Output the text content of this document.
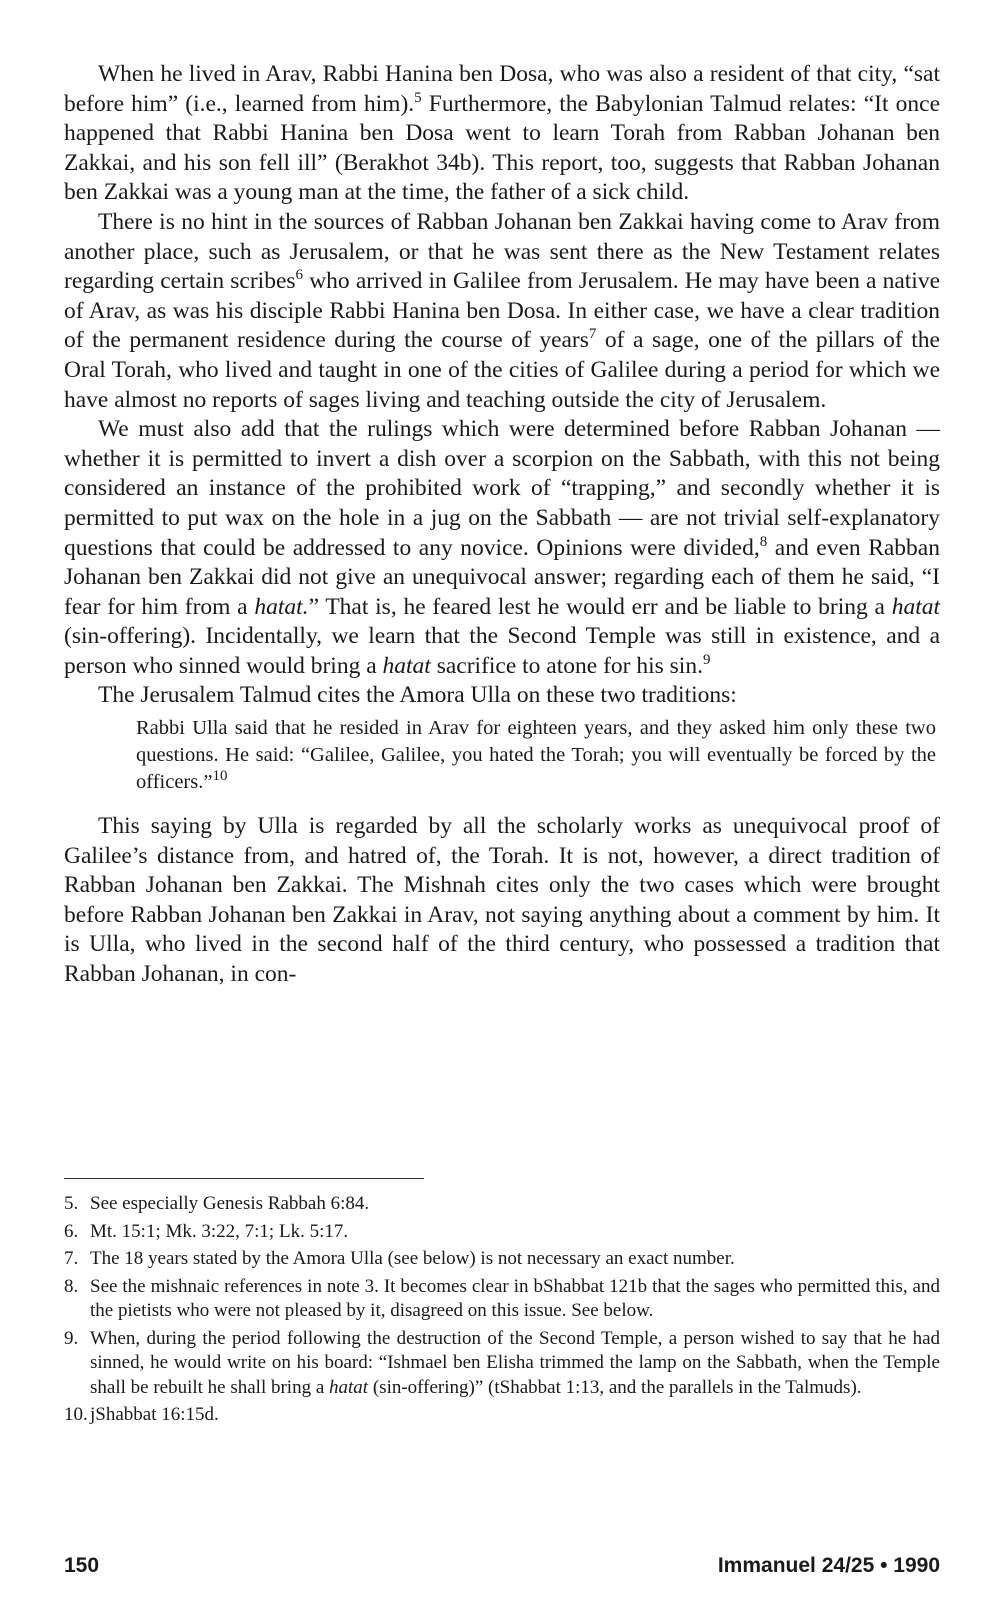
When he lived in Arav, Rabbi Hanina ben Dosa, who was also a resident of that city, “sat before him” (i.e., learned from him).$^5$ Furthermore, the Babylonian Talmud relates: “It once happened that Rabbi Hanina ben Dosa went to learn Torah from Rabban Johanan ben Zakkai, and his son fell ill” (Berakhot 34b). This report, too, suggests that Rabban Johanan ben Zakkai was a young man at the time, the father of a sick child.

There is no hint in the sources of Rabban Johanan ben Zakkai having come to Arav from another place, such as Jerusalem, or that he was sent there as the New Testament relates regarding certain scribes$^6$ who arrived in Galilee from Jerusalem. He may have been a native of Arav, as was his disciple Rabbi Hanina ben Dosa. In either case, we have a clear tradition of the permanent residence during the course of years$^7$ of a sage, one of the pillars of the Oral Torah, who lived and taught in one of the cities of Galilee during a period for which we have almost no reports of sages living and teaching outside the city of Jerusalem.

We must also add that the rulings which were determined before Rabban Johanan — whether it is permitted to invert a dish over a scorpion on the Sabbath, with this not being considered an instance of the prohibited work of “trapping,” and secondly whether it is permitted to put wax on the hole in a jug on the Sabbath — are not trivial self-explanatory questions that could be addressed to any novice. Opinions were divided,$^8$ and even Rabban Johanan ben Zakkai did not give an unequivocal answer; regarding each of them he said, “I fear for him from a hatat.” That is, he feared lest he would err and be liable to bring a hatat (sin-offering). Incidentally, we learn that the Second Temple was still in existence, and a person who sinned would bring a hatat sacrifice to atone for his sin.$^9$

The Jerusalem Talmud cites the Amora Ulla on these two traditions:

Rabbi Ulla said that he resided in Arav for eighteen years, and they asked him only these two questions. He said: “Galilee, Galilee, you hated the Torah; you will eventually be forced by the officers.”$^{10}$

This saying by Ulla is regarded by all the scholarly works as unequivocal proof of Galilee’s distance from, and hatred of, the Torah. It is not, however, a direct tradition of Rabban Johanan ben Zakkai. The Mishnah cites only the two cases which were brought before Rabban Johanan ben Zakkai in Arav, not saying anything about a comment by him. It is Ulla, who lived in the second half of the third century, who possessed a tradition that Rabban Johanan, in con-

5. See especially Genesis Rabbah 6:84.
6. Mt. 15:1; Mk. 3:22, 7:1; Lk. 5:17.
7. The 18 years stated by the Amora Ulla (see below) is not necessary an exact number.
8. See the mishnaic references in note 3. It becomes clear in bShabbat 121b that the sages who permitted this, and the pietists who were not pleased by it, disagreed on this issue. See below.
9. When, during the period following the destruction of the Second Temple, a person wished to say that he had sinned, he would write on his board: “Ishmael ben Elisha trimmed the lamp on the Sabbath, when the Temple shall be rebuilt he shall bring a hatat (sin-offering)” (tShabbat 1:13, and the parallels in the Talmuds).
10. jShabbat 16:15d.
150	Immanuel 24/25 • 1990
